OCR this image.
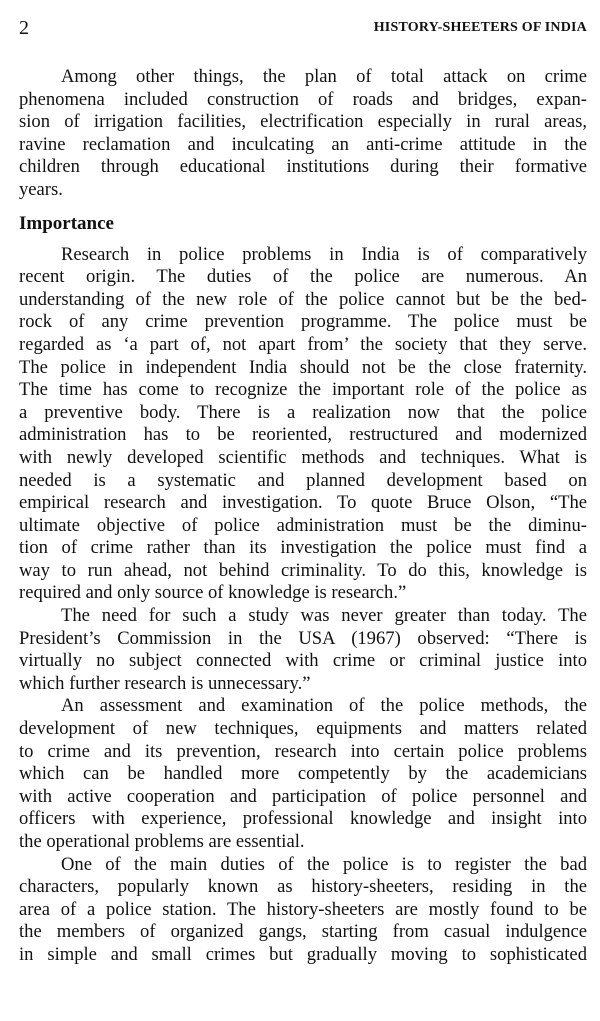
2	HISTORY-SHEETERS OF INDIA
Among other things, the plan of total attack on crime
phenomena included construction of roads and bridges, expan-
sion of irrigation facilities, electrification especially in rural areas,
ravine reclamation and inculcating an anti-crime attitude in the
children through educational institutions during their formative
years.
Importance
Research in police problems in India is of comparatively
recent origin. The duties of the police are numerous. An
understanding of the new role of the police cannot but be the bed-
rock of any crime prevention programme. The police must be
regarded as ‘a part of, not apart from’ the society that they serve.
The police in independent India should not be the close fraternity.
The time has come to recognize the important role of the police as
a preventive body. There is a realization now that the police
administration has to be reoriented, restructured and modernized
with newly developed scientific methods and techniques. What is
needed is a systematic and planned development based on
empirical research and investigation. To quote Bruce Olson, “The
ultimate objective of police administration must be the diminu-
tion of crime rather than its investigation the police must find a
way to run ahead, not behind criminality. To do this, knowledge is
required and only source of knowledge is research.”
The need for such a study was never greater than today. The
President’s Commission in the USA (1967) observed: “There is
virtually no subject connected with crime or criminal justice into
which further research is unnecessary.”
An assessment and examination of the police methods, the
development of new techniques, equipments and matters related
to crime and its prevention, research into certain police problems
which can be handled more competently by the academicians
with active cooperation and participation of police personnel and
officers with experience, professional knowledge and insight into
the operational problems are essential.
One of the main duties of the police is to register the bad
characters, popularly known as history-sheeters, residing in the
area of a police station. The history-sheeters are mostly found to be
the members of organized gangs, starting from casual indulgence
in simple and small crimes but gradually moving to sophisticated
